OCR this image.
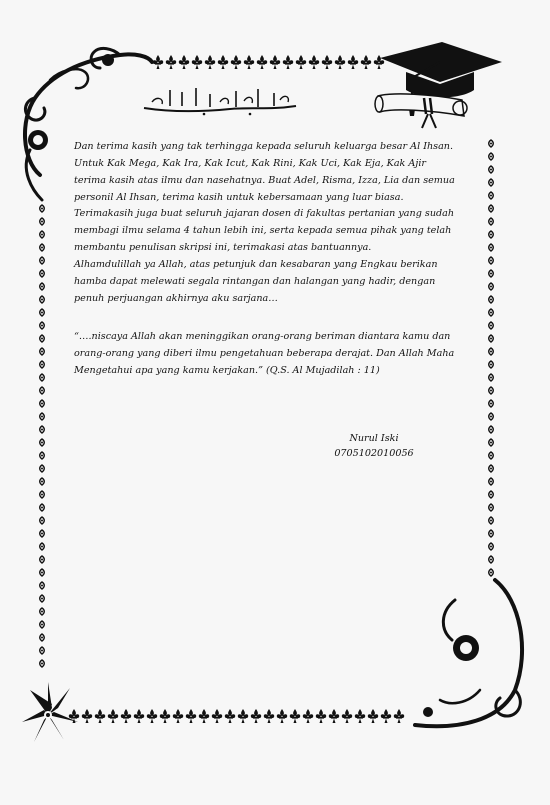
Dan terima kasih yang tak terhingga kepada seluruh keluarga besar Al Ihsan. Untuk Kak Mega, Kak Ira, Kak Icut, Kak Rini, Kak Uci, Kak Eja, Kak Ajir terima kasih atas ilmu dan nasehatnya. Buat Adel, Risma, Izza, Lia dan semua personil Al Ihsan, terima kasih untuk kebersamaan yang luar biasa.
Terimakasih juga buat seluruh jajaran dosen di fakultas pertanian yang sudah membagi ilmu selama 4 tahun lebih ini, serta kepada semua pihak yang telah membantu penulisan skripsi ini, terimakasi atas bantuannya.
Alhamdulillah ya Allah, atas petunjuk dan kesabaran yang Engkau berikan hamba dapat melewati segala rintangan dan halangan yang hadir, dengan penuh perjuangan akhirnya aku sarjana…
“….niscaya Allah akan meninggikan orang-orang beriman diantara kamu dan orang-orang yang diberi ilmu pengetahuan beberapa derajat. Dan Allah Maha Mengetahui apa yang kamu kerjakan.” (Q.S. Al Mujadilah : 11)
Nurul Iski
0705102010056
